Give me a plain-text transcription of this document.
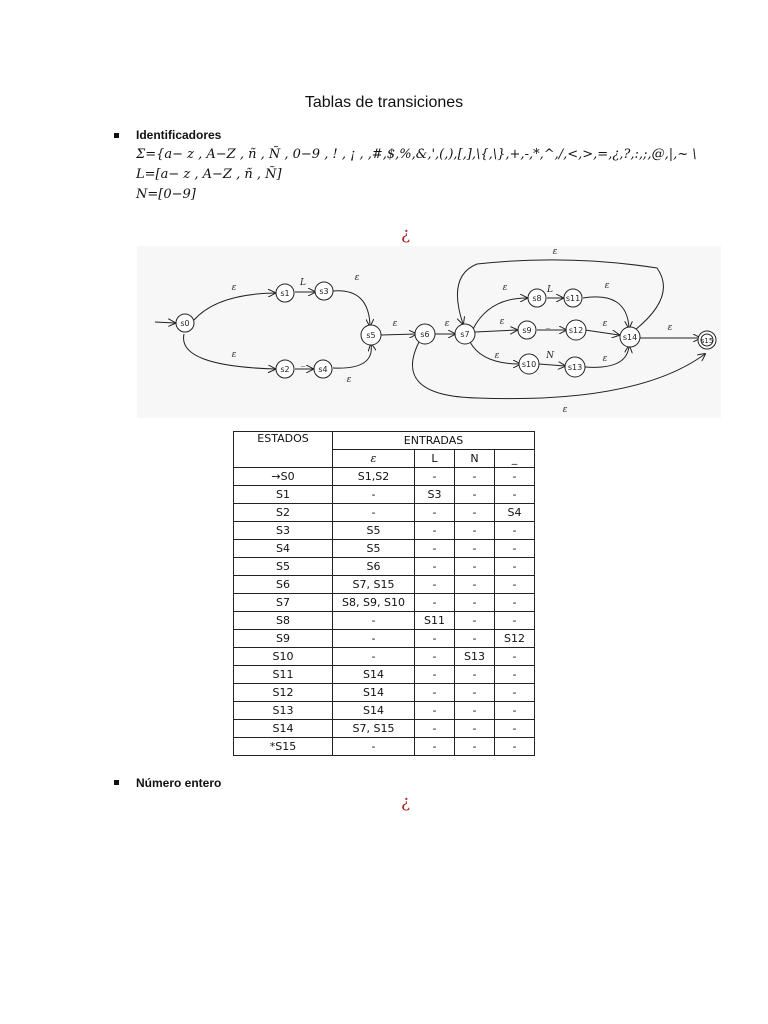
Tablas de transiciones
Identificadores
Σ={a− z , A−Z , ñ , Ñ , 0−9 , ! , ¡ , ,#,$,%,&,',(,),[,],\{,\},+,-,*,^,/,<,>,=,¿,?,:,;,@,|,~ \
L=[a− z , A−Z , ñ , Ñ]
N=[0−9]
¿
s0
s1
s2
s3
s4
s5	s6	s7
s8
s9
s10
s11
s12
s13
s14	s15
ε
ε
L
_
ε
ε
ε	ε
ε
ε
ε
L
_
N
ε
ε
ε
ε
ε
ε
ESTADOS	ENTRADAS			
	ε	L	N	_
→S0	S1,S2	-	-	-
S1	-	S3	-	-
S2	-	-	-	S4
S3	S5	-	-	-
S4	S5	-	-	-
S5	S6	-	-	-
S6	S7, S15	-	-	-
S7	S8, S9, S10	-	-	-
S8	-	S11	-	-
S9	-	-	-	S12
S10	-	-	S13	-
S11	S14	-	-	-
S12	S14	-	-	-
S13	S14	-	-	-
S14	S7, S15	-	-	-
*S15	-	-	-	-
Número entero
¿
